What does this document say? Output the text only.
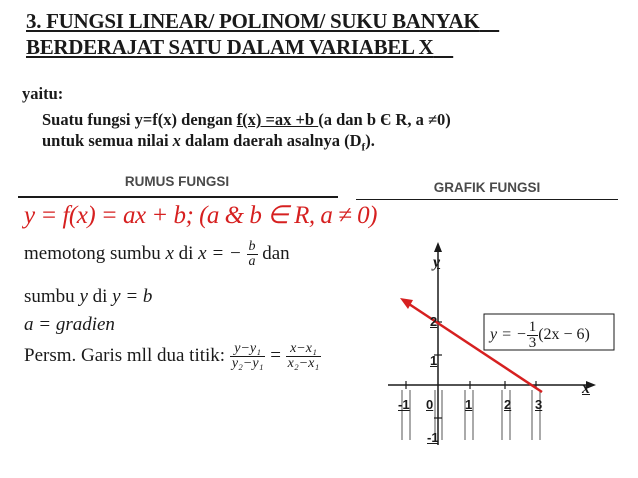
3. FUNGSI LINEAR/ POLINOM/ SUKU BANYAK
BERDERAJAT SATU DALAM VARIABEL X
yaitu:
Suatu fungsi y=f(x) dengan f(x) =ax +b (a dan b Є R, a ≠0)
untuk semua nilai x dalam daerah asalnya $(D_f)$.
RUMUS FUNGSI
y = f(x) = ax + b; (a & b ∈ R, a ≠ 0)
memotong sumbu x di x = − $\frac{b}{a}$ dan
sumbu y di y = b
a = gradien
Persm. Garis mll dua titik: $\frac{\text{y−y₁}}{\text{y₂−y₁}} = \frac{\text{x−x₁}}{\text{x₂−x₁}}$
GRAFIK FUNGSI
y
x
-1 0 1 2 3
2
1
-1
y = − $\frac{1}{3} (2x - 6)$
